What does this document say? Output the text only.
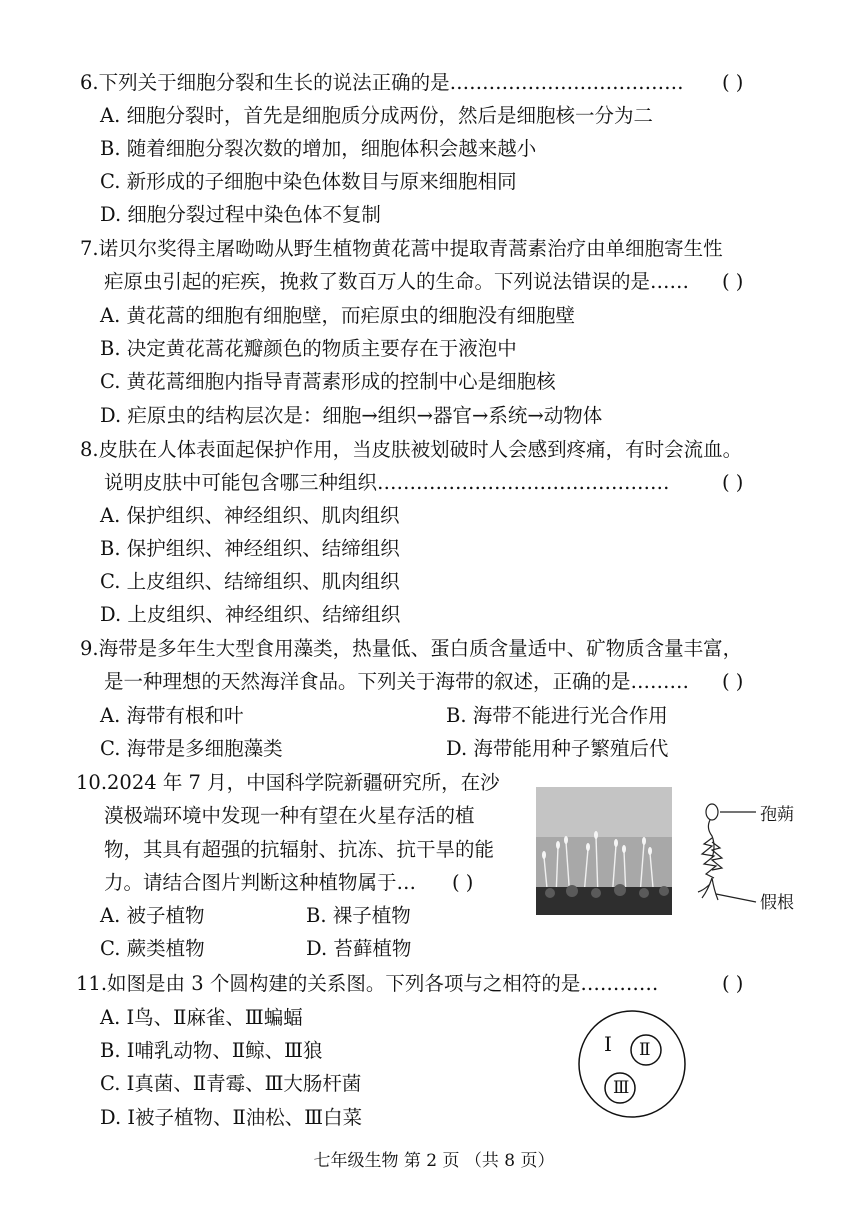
6.下列关于细胞分裂和生长的说法正确的是……………………………… ( )
A. 细胞分裂时，首先是细胞质分成两份，然后是细胞核一分为二
B. 随着细胞分裂次数的增加，细胞体积会越来越小
C. 新形成的子细胞中染色体数目与原来细胞相同
D. 细胞分裂过程中染色体不复制
7.诺贝尔奖得主屠呦呦从野生植物黄花蒿中提取青蒿素治疗由单细胞寄生性
疟原虫引起的疟疾，挽救了数百万人的生命。下列说法错误的是…… ( )
A. 黄花蒿的细胞有细胞壁，而疟原虫的细胞没有细胞壁
B. 决定黄花蒿花瓣颜色的物质主要存在于液泡中
C. 黄花蒿细胞内指导青蒿素形成的控制中心是细胞核
D. 疟原虫的结构层次是：细胞→组织→器官→系统→动物体
8.皮肤在人体表面起保护作用，当皮肤被划破时人会感到疼痛，有时会流血。
说明皮肤中可能包含哪三种组织………………………………………	( )
A. 保护组织、神经组织、肌肉组织
B. 保护组织、神经组织、结缔组织
C. 上皮组织、结缔组织、肌肉组织
D. 上皮组织、神经组织、结缔组织
9.海带是多年生大型食用藻类，热量低、蛋白质含量适中、矿物质含量丰富，
是一种理想的天然海洋食品。下列关于海带的叙述，正确的是……… ( )
A. 海带有根和叶	B. 海带不能进行光合作用
C. 海带是多细胞藻类	D. 海带能用种子繁殖后代
10.2024 年 7 月，中国科学院新疆研究所，在沙
漠极端环境中发现一种有望在火星存活的植
物，其具有超强的抗辐射、抗冻、抗干旱的能
力。请结合图片判断这种植物属于… ( )
A. 被子植物	B. 裸子植物
C. 蕨类植物	D. 苔藓植物
孢蒴
假根
11.如图是由 3 个圆构建的关系图。下列各项与之相符的是…………	( )
A. Ⅰ鸟、Ⅱ麻雀、Ⅲ蝙蝠
B. Ⅰ哺乳动物、Ⅱ鲸、Ⅲ狼
C. Ⅰ真菌、Ⅱ青霉、Ⅲ大肠杆菌
D. Ⅰ被子植物、Ⅱ油松、Ⅲ白菜
Ⅰ Ⅱ
Ⅲ
七年级生物 第 2 页 （共 8 页）
